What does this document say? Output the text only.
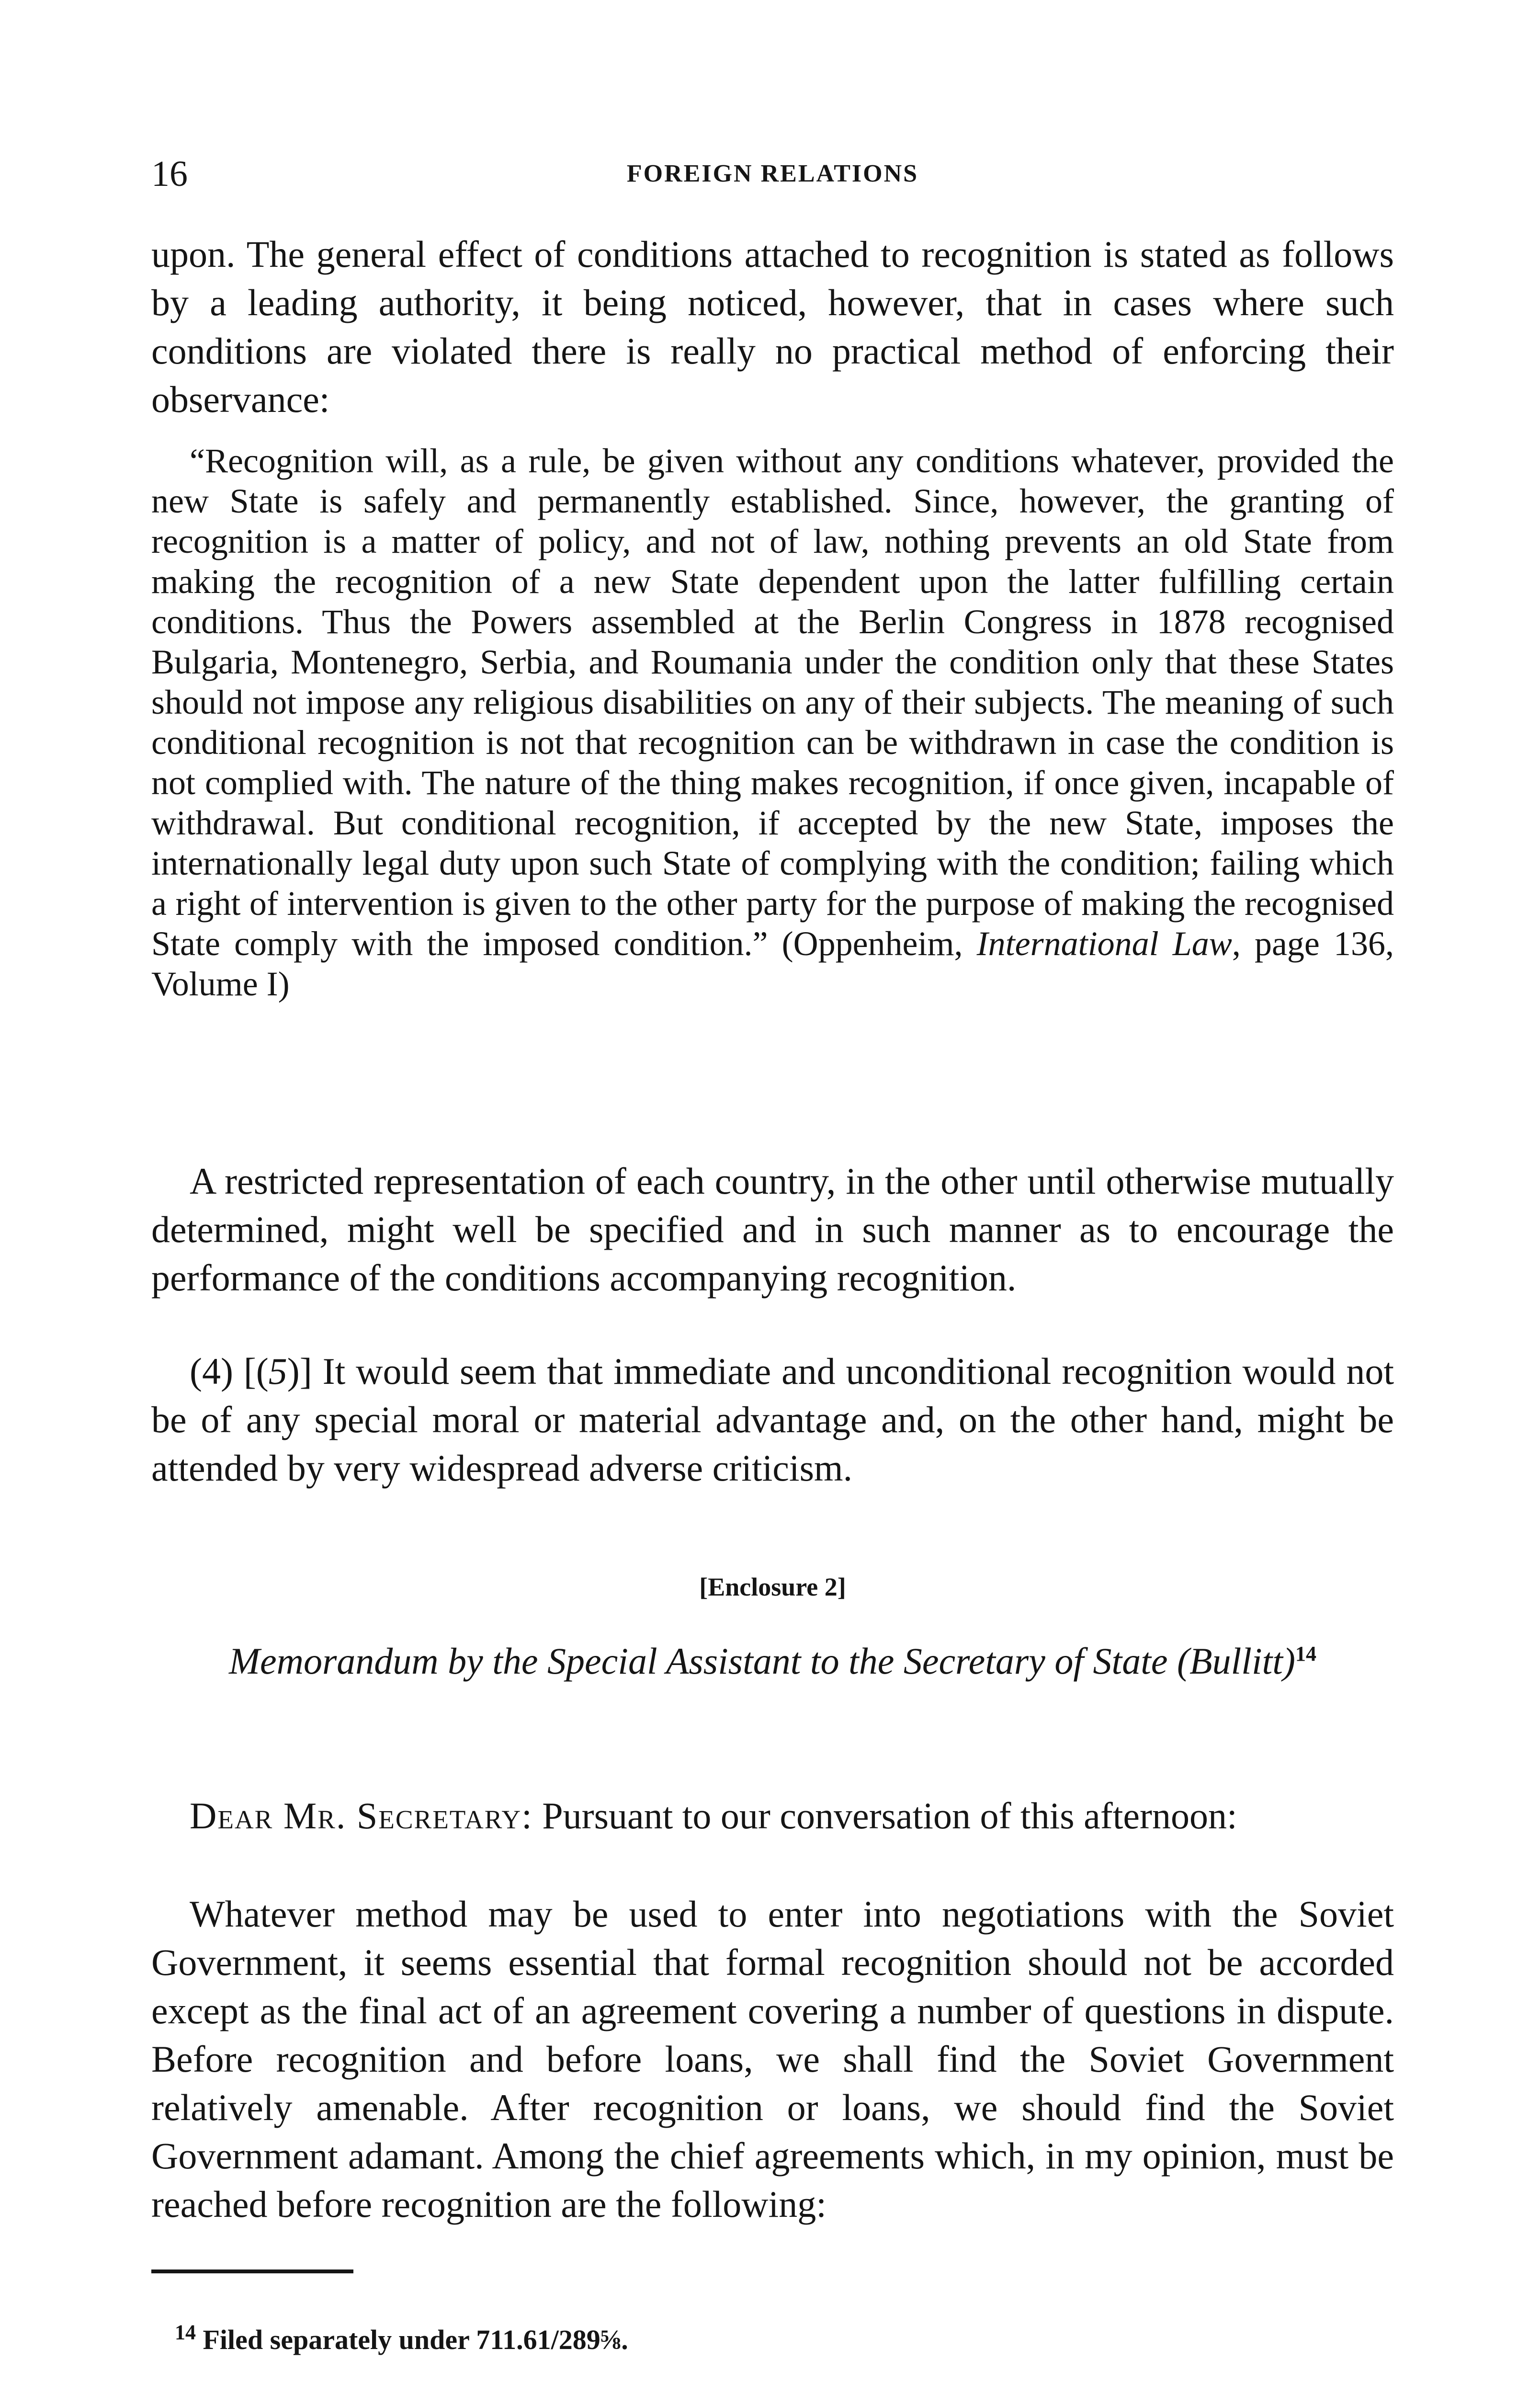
16	FOREIGN RELATIONS

upon. The general effect of conditions attached to recognition is stated as follows by a leading authority, it being noticed, however, that in cases where such conditions are violated there is really no practical method of enforcing their observance:

“Recognition will, as a rule, be given without any conditions whatever, provided the new State is safely and permanently established. Since, however, the granting of recognition is a matter of policy, and not of law, nothing prevents an old State from making the recognition of a new State dependent upon the latter fulfilling certain conditions. Thus the Powers assembled at the Berlin Congress in 1878 recognised Bulgaria, Montenegro, Serbia, and Roumania under the condition only that these States should not impose any religious disabilities on any of their subjects. The meaning of such conditional recognition is not that recognition can be withdrawn in case the condition is not complied with. The nature of the thing makes recognition, if once given, incapable of withdrawal. But conditional recognition, if accepted by the new State, imposes the internationally legal duty upon such State of complying with the condition; failing which a right of intervention is given to the other party for the purpose of making the recognised State comply with the imposed condition.” (Oppenheim, International Law, page 136, Volume I)

A restricted representation of each country, in the other until otherwise mutually determined, might well be specified and in such manner as to encourage the performance of the conditions accompanying recognition.

(4) [(5)] It would seem that immediate and unconditional recognition would not be of any special moral or material advantage and, on the other hand, might be attended by very widespread adverse criticism.

[Enclosure 2]
Memorandum by the Special Assistant to the Secretary of State (Bullitt)$^{14}$

Dear Mr. Secretary: Pursuant to our conversation of this afternoon:

Whatever method may be used to enter into negotiations with the Soviet Government, it seems essential that formal recognition should not be accorded except as the final act of an agreement covering a number of questions in dispute. Before recognition and before loans, we shall find the Soviet Government relatively amenable. After recognition or loans, we should find the Soviet Government adamant. Among the chief agreements which, in my opinion, must be reached before recognition are the following:

$^{14}$ Filed separately under 711.61/289⅝.
